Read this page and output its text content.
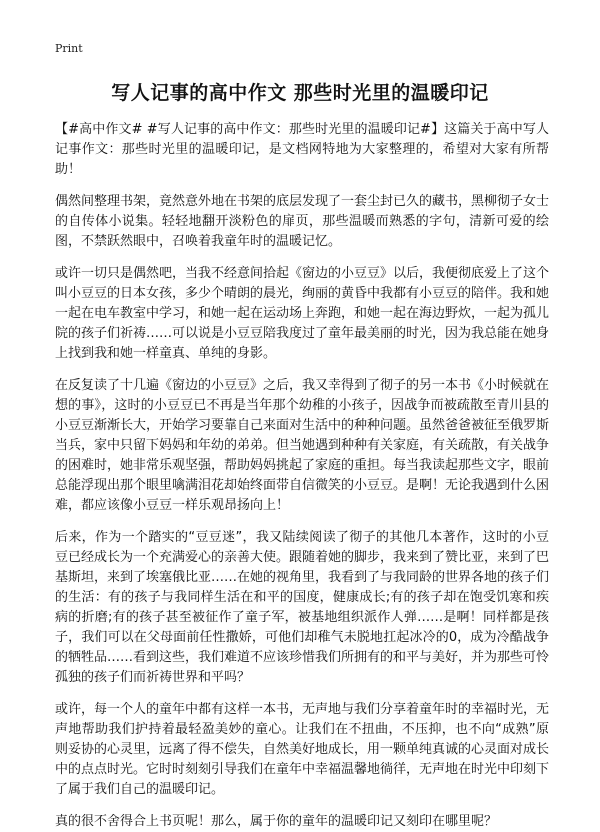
Print
写人记事的高中作文 那些时光里的温暖印记

【#高中作文# #写人记事的高中作文：那些时光里的温暖印记#】这篇关于高中写人记事作文：那些时光里的温暖印记，是文档网特地为大家整理的，希望对大家有所帮助！

偶然间整理书架，竟然意外地在书架的底层发现了一套尘封已久的藏书，黑柳彻子女士的自传体小说集。轻轻地翻开淡粉色的扉页，那些温暖而熟悉的字句，清新可爱的绘图，不禁跃然眼中，召唤着我童年时的温暖记忆。

或许一切只是偶然吧，当我不经意间拾起《窗边的小豆豆》以后，我便彻底爱上了这个叫小豆豆的日本女孩，多少个晴朗的晨光，绚丽的黄昏中我都有小豆豆的陪伴。我和她一起在电车教室中学习，和她一起在运动场上奔跑，和她一起在海边野炊，一起为孤儿院的孩子们祈祷……可以说是小豆豆陪我度过了童年最美丽的时光，因为我总能在她身上找到我和她一样童真、单纯的身影。

在反复读了十几遍《窗边的小豆豆》之后，我又幸得到了彻子的另一本书《小时候就在想的事》，这时的小豆豆已不再是当年那个幼稚的小孩子，因战争而被疏散至青川县的小豆豆渐渐长大，开始学习要靠自己来面对生活中的种种问题。虽然爸爸被征至俄罗斯当兵，家中只留下妈妈和年幼的弟弟。但当她遇到种种有关家庭，有关疏散，有关战争的困难时，她非常乐观坚强，帮助妈妈挑起了家庭的重担。每当我读起那些文字，眼前总能浮现出那个眼里噙满泪花却始终面带自信微笑的小豆豆。是啊！无论我遇到什么困难，都应该像小豆豆一样乐观昂扬向上！

后来，作为一个踏实的“豆豆迷”，我又陆续阅读了彻子的其他几本著作，这时的小豆豆已经成长为一个充满爱心的亲善大使。跟随着她的脚步，我来到了赞比亚，来到了巴基斯坦，来到了埃塞俄比亚……在她的视角里，我看到了与我同龄的世界各地的孩子们的生活：有的孩子与我同样生活在和平的国度，健康成长;有的孩子却在饱受饥寒和疾病的折磨;有的孩子甚至被征作了童子军，被基地组织派作人弹……是啊！同样都是孩子，我们可以在父母面前任性撒娇，可他们却稚气未脱地扛起冰冷的0，成为冷酷战争的牺牲品……看到这些，我们难道不应该珍惜我们所拥有的和平与美好，并为那些可怜孤独的孩子们而祈祷世界和平吗？

或许，每一个人的童年中都有这样一本书，无声地与我们分享着童年时的幸福时光，无声地帮助我们护持着最轻盈美妙的童心。让我们在不扭曲，不压抑，也不向“成熟”原则妥协的心灵里，远离了得不偿失，自然美好地成长，用一颗单纯真诚的心灵面对成长中的点点时光。它时时刻刻引导我们在童年中幸福温馨地徜徉，无声地在时光中印刻下了属于我们自己的温暖印记。

真的很不舍得合上书页呢！那么，属于你的童年的温暖印记又刻印在哪里呢？
